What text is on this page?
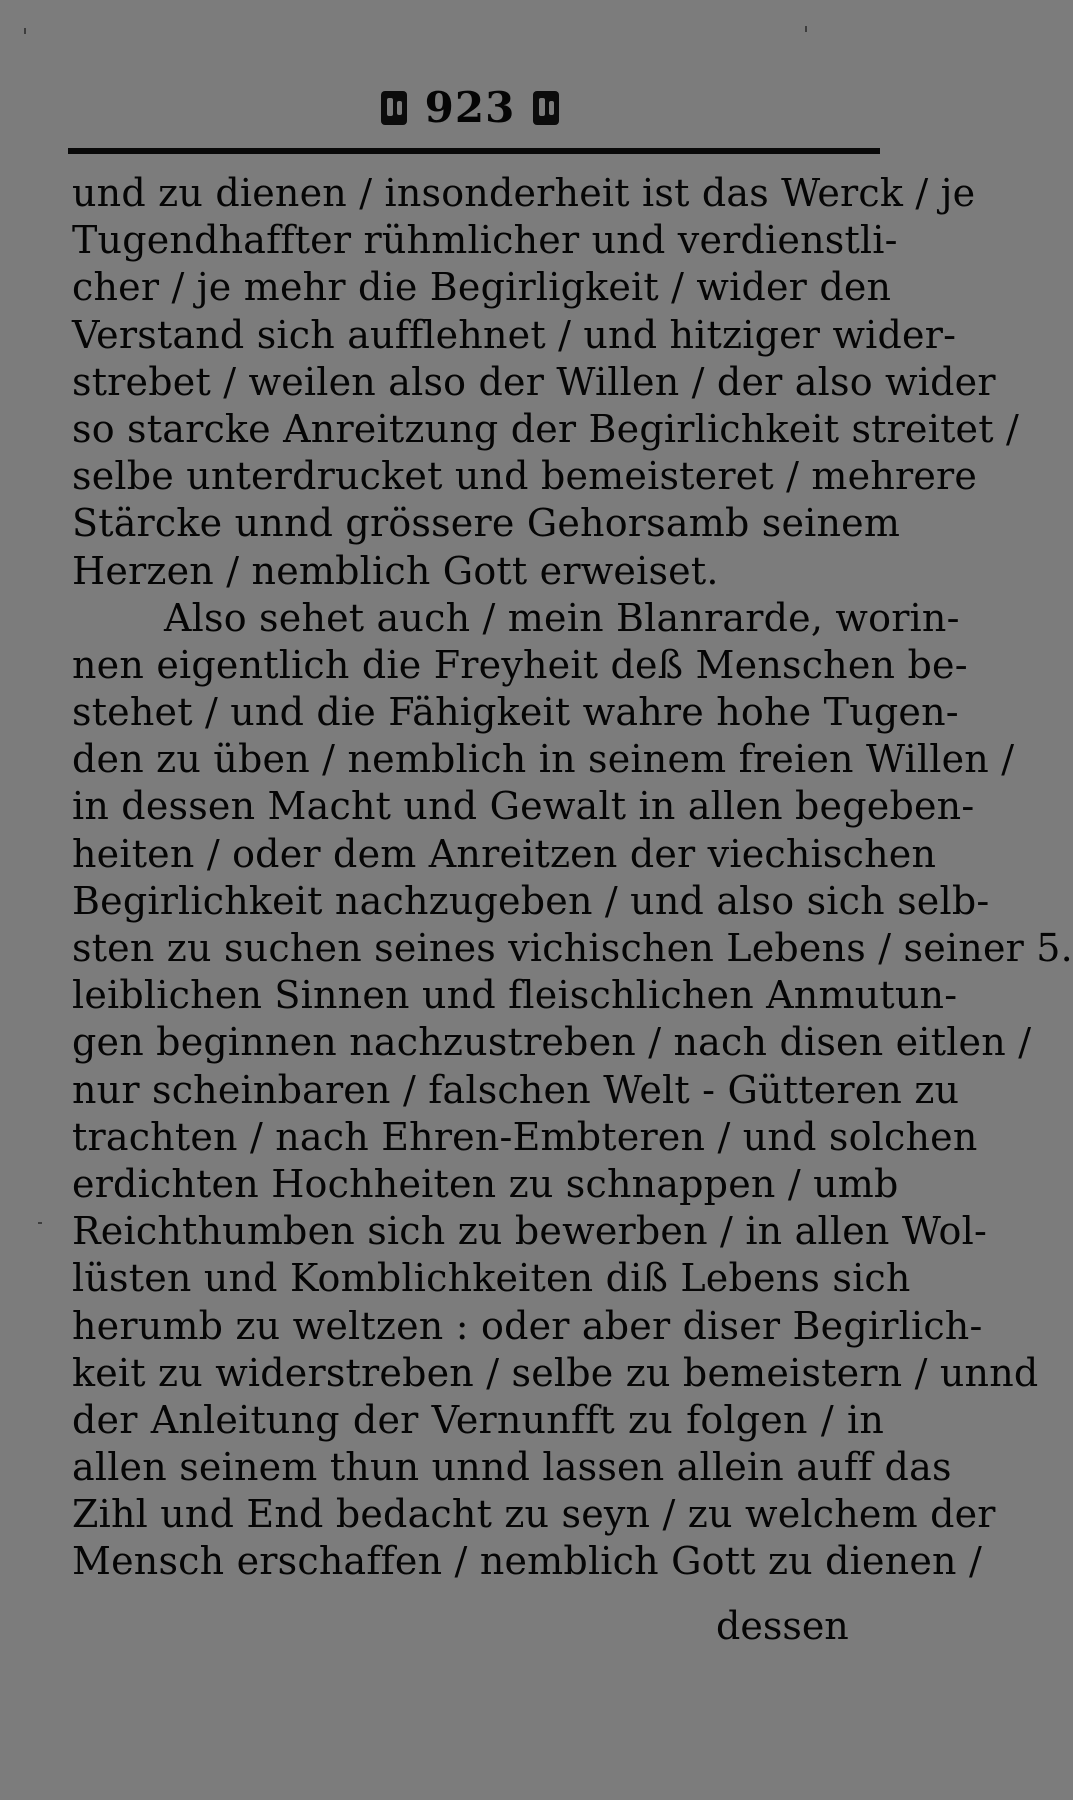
923
und zu dienen / insonderheit ist das Werck / je
Tugendhaffter rühmlicher und verdienstli-
cher / je mehr die Begirligkeit / wider den
Verstand sich aufflehnet / und hitziger wider-
strebet / weilen also der Willen / der also wider
so starcke Anreitzung der Begirlichkeit streitet /
selbe unterdrucket und bemeisteret / mehrere
Stärcke unnd grössere Gehorsamb seinem
Herzen / nemblich Gott erweiset.
Also sehet auch / mein Blanrarde, worin-
nen eigentlich die Freyheit deß Menschen be-
stehet / und die Fähigkeit wahre hohe Tugen-
den zu üben / nemblich in seinem freien Willen /
in dessen Macht und Gewalt in allen begeben-
heiten / oder dem Anreitzen der viechischen
Begirlichkeit nachzugeben / und also sich selb-
sten zu suchen seines vichischen Lebens / seiner 5.
leiblichen Sinnen und fleischlichen Anmutun-
gen beginnen nachzustreben / nach disen eitlen /
nur scheinbaren / falschen Welt - Gütteren zu
trachten / nach Ehren-Embteren / und solchen
erdichten Hochheiten zu schnappen / umb
Reichthumben sich zu bewerben / in allen Wol-
lüsten und Komblichkeiten diß Lebens sich
herumb zu weltzen : oder aber diser Begirlich-
keit zu widerstreben / selbe zu bemeistern / unnd
der Anleitung der Vernunfft zu folgen / in
allen seinem thun unnd lassen allein auff das
Zihl und End bedacht zu seyn / zu welchem der
Mensch erschaffen / nemblich Gott zu dienen /
dessen
